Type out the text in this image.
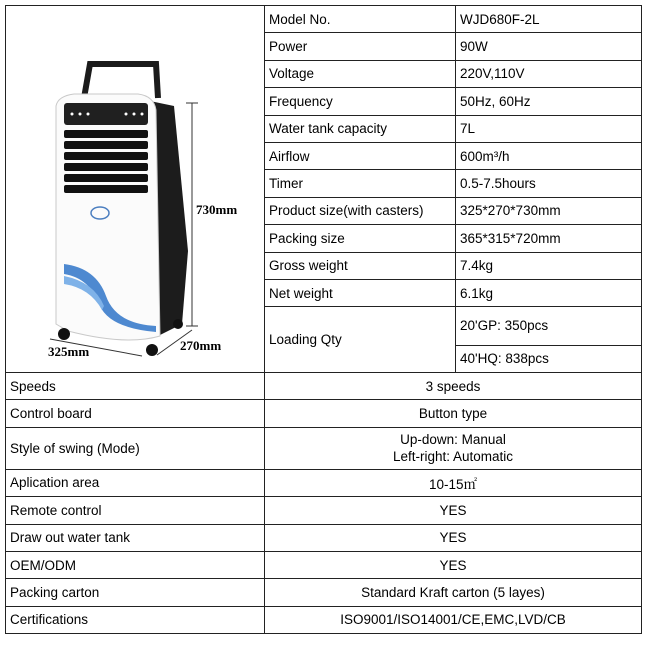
730mm
325mm 270mm	Model No.	WJD680F-2L
	Power	90W
	Voltage	220V,110V
	Frequency	50Hz, 60Hz
	Water tank capacity	7L
	Airflow	600m³/h
	Timer	0.5-7.5hours
	Product size(with casters)	325*270*730mm
	Packing size	365*315*720mm
	Gross weight	7.4kg
	Net weight	6.1kg
	Loading Qty	20'GP: 350pcs
		40'HQ: 838pcs
Speeds	3 speeds	
Control board	Button type	
Style of swing (Mode)	Up-down: Manual
Left-right: Automatic	

Aplication area	10-15㎡	
Remote control	YES	
Draw out water tank	YES	
OEM/ODM	YES	
Packing carton	Standard Kraft carton (5 layes)	
Certifications	ISO9001/ISO14001/CE,EMC,LVD/CB	
